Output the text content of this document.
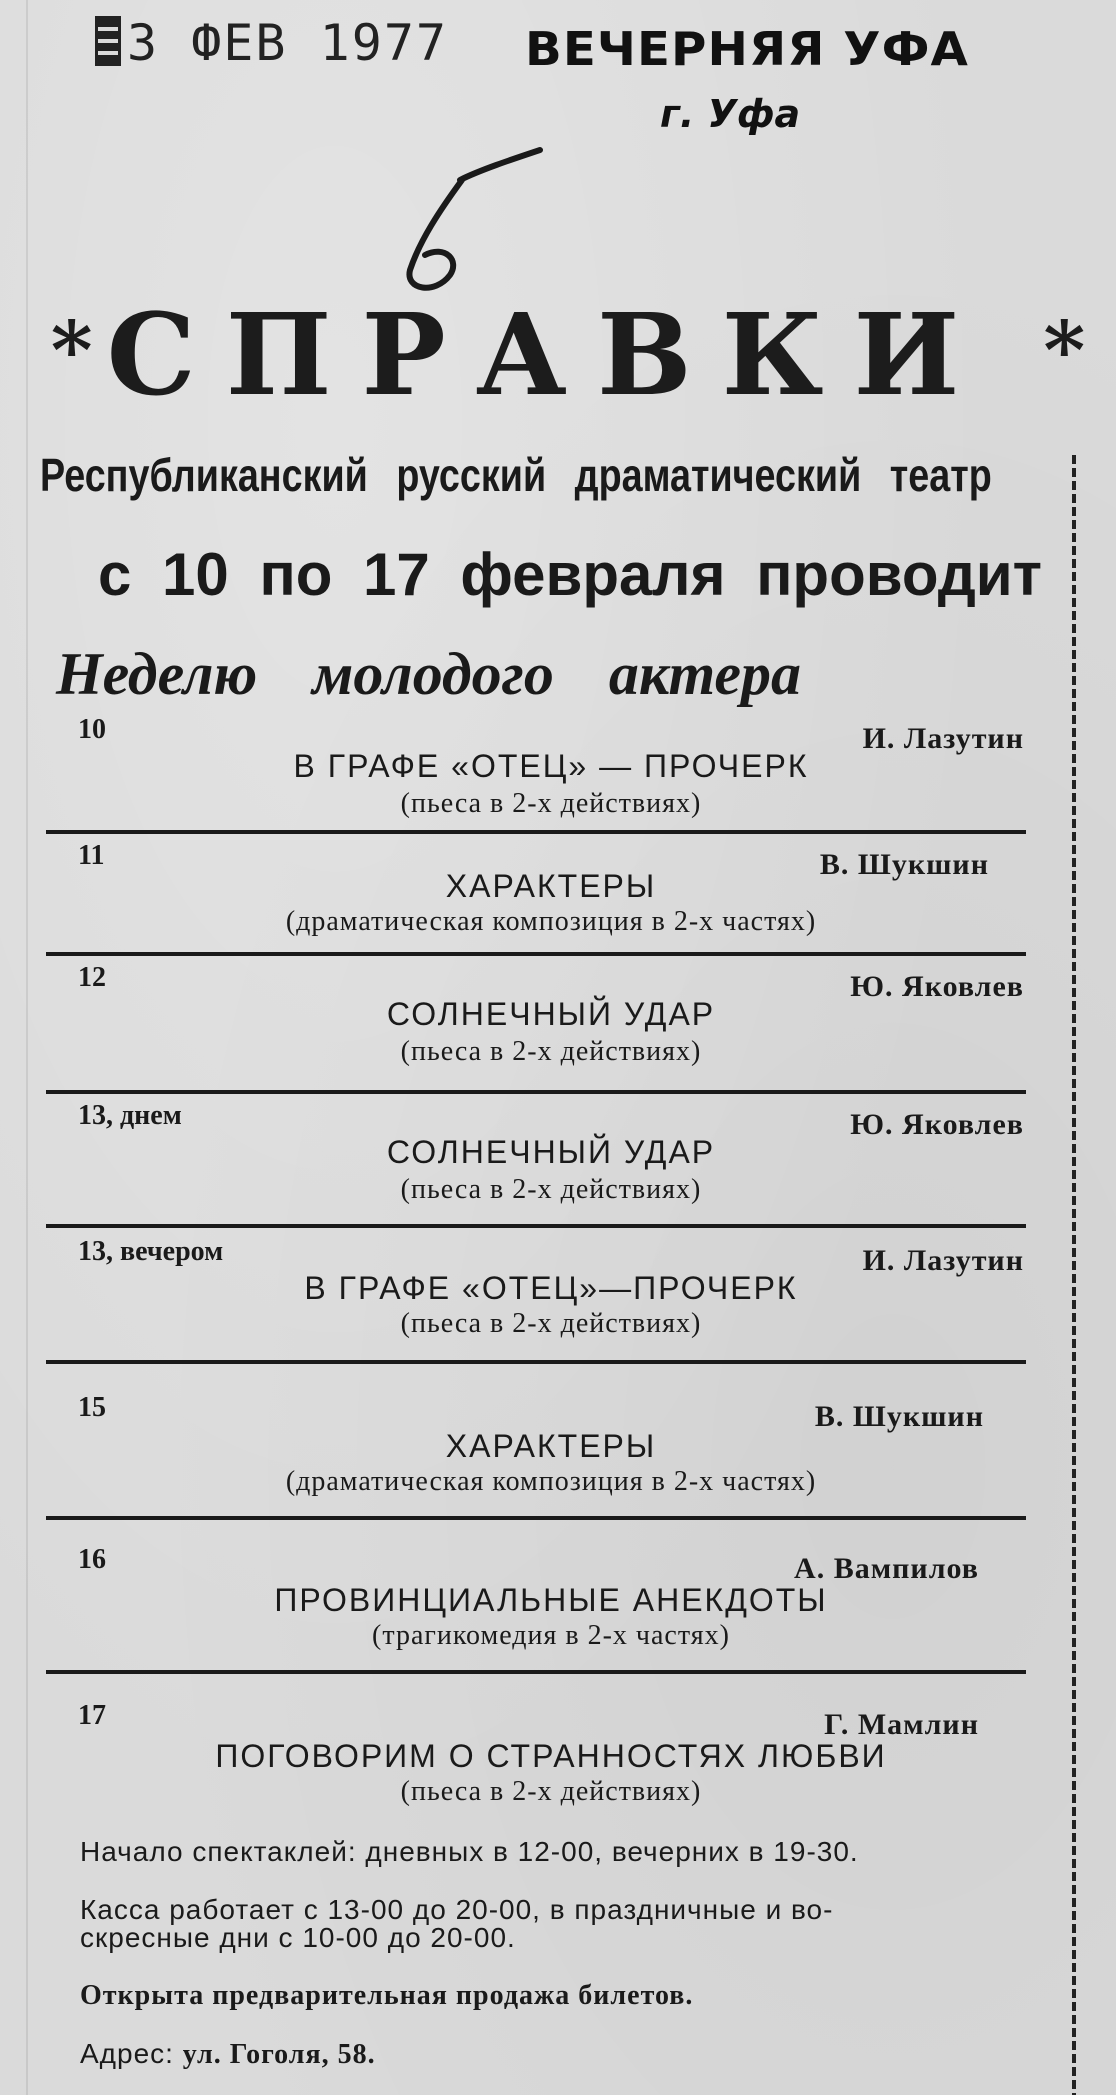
3 ФЕВ 1977 ВЕЧЕРНЯЯ УФА
г. Уфа
б
* СПРАВКИ *
Республиканский русский драматический театр
с 10 по 17 февраля проводит
Неделю молодого актера
10	И. Лазутин
В ГРАФЕ «ОТЕЦ» — ПРОЧЕРК
(пьеса в 2-х действиях)
11	В. Шукшин
ХАРАКТЕРЫ
(драматическая композиция в 2-х частях)
12	Ю. Яковлев
СОЛНЕЧНЫЙ УДАР
(пьеса в 2-х действиях)
13, днем	Ю. Яковлев
СОЛНЕЧНЫЙ УДАР
(пьеса в 2-х действиях)
13, вечером	И. Лазутин
В ГРАФЕ «ОТЕЦ»—ПРОЧЕРК
(пьеса в 2-х действиях)
15	В. Шукшин
ХАРАКТЕРЫ
(драматическая композиция в 2-х частях)
16	А. Вампилов
ПРОВИНЦИАЛЬНЫЕ АНЕКДОТЫ
(трагикомедия в 2-х частях)
17	Г. Мамлин
ПОГОВОРИМ О СТРАННОСТЯХ ЛЮБВИ
(пьеса в 2-х действиях)
Начало спектаклей: дневных в 12-00, вечерних в 19-30.
Касса работает с 13-00 до 20-00, в праздничные и во-
скресные дни с 10-00 до 20-00.
Открыта предварительная продажа билетов.
Адрес: ул. Гоголя, 58.
